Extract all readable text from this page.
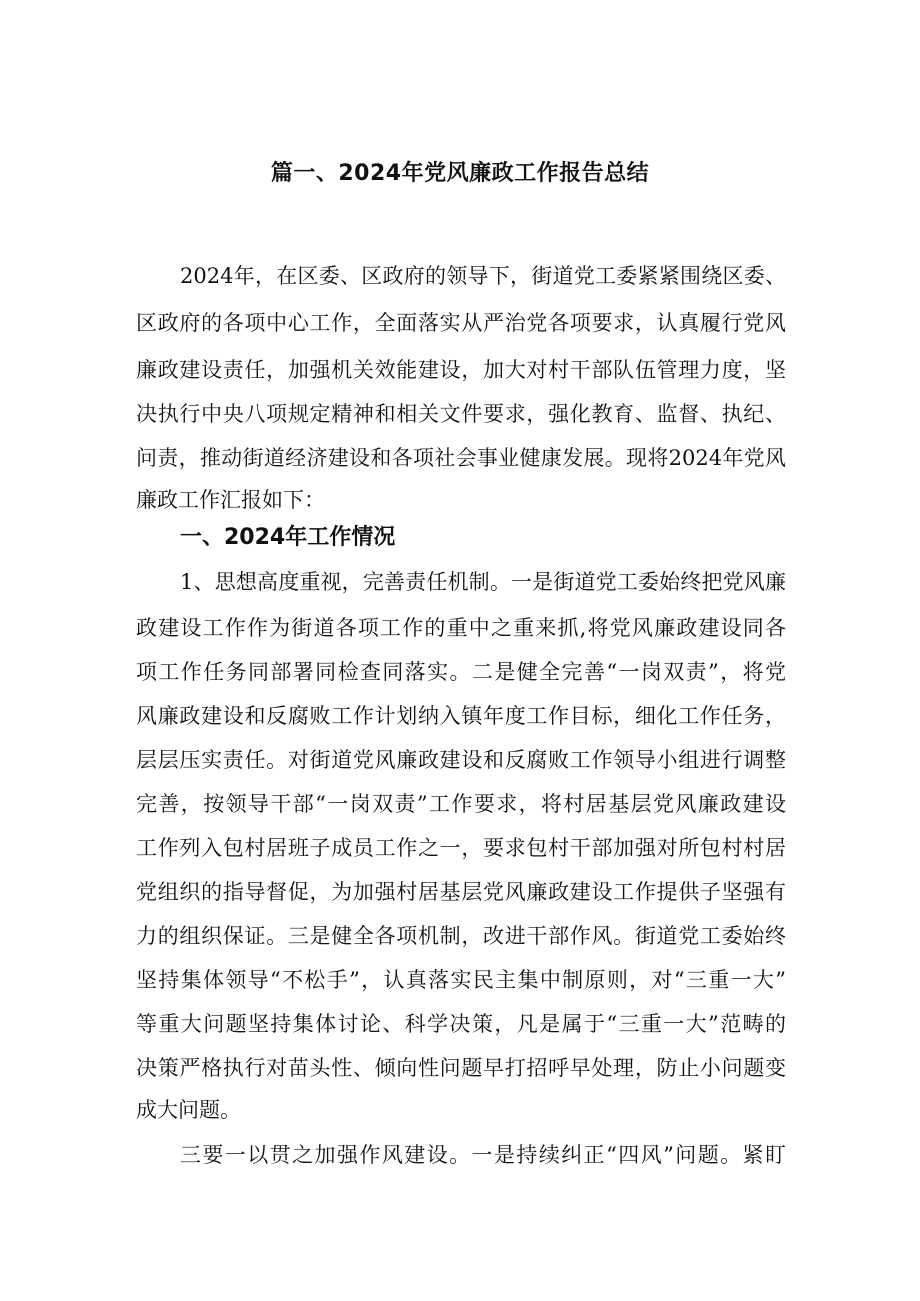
篇一、2024年党风廉政工作报告总结
2024年，在区委、区政府的领导下，街道党工委紧紧围绕区委、
区政府的各项中心工作，全面落实从严治党各项要求，认真履行党风
廉政建设责任，加强机关效能建设，加大对村干部队伍管理力度，坚
决执行中央八项规定精神和相关文件要求，强化教育、监督、执纪、
问责，推动街道经济建设和各项社会事业健康发展。现将2024年党风
廉政工作汇报如下：
一、2024年工作情况
1、思想高度重视，完善责任机制。一是街道党工委始终把党风廉
政建设工作作为街道各项工作的重中之重来抓,将党风廉政建设同各
项工作任务同部署同检查同落实。二是健全完善“一岗双责”，将党
风廉政建设和反腐败工作计划纳入镇年度工作目标，细化工作任务，
层层压实责任。对街道党风廉政建设和反腐败工作领导小组进行调整
完善，按领导干部“一岗双责”工作要求，将村居基层党风廉政建设
工作列入包村居班子成员工作之一，要求包村干部加强对所包村村居
党组织的指导督促，为加强村居基层党风廉政建设工作提供子坚强有
力的组织保证。三是健全各项机制，改进干部作风。街道党工委始终
坚持集体领导“不松手”，认真落实民主集中制原则，对“三重一大”
等重大问题坚持集体讨论、科学决策，凡是属于“三重一大”范畴的
决策严格执行对苗头性、倾向性问题早打招呼早处理，防止小问题变
成大问题。
三要一以贯之加强作风建设。一是持续纠正“四风”问题。紧盯
